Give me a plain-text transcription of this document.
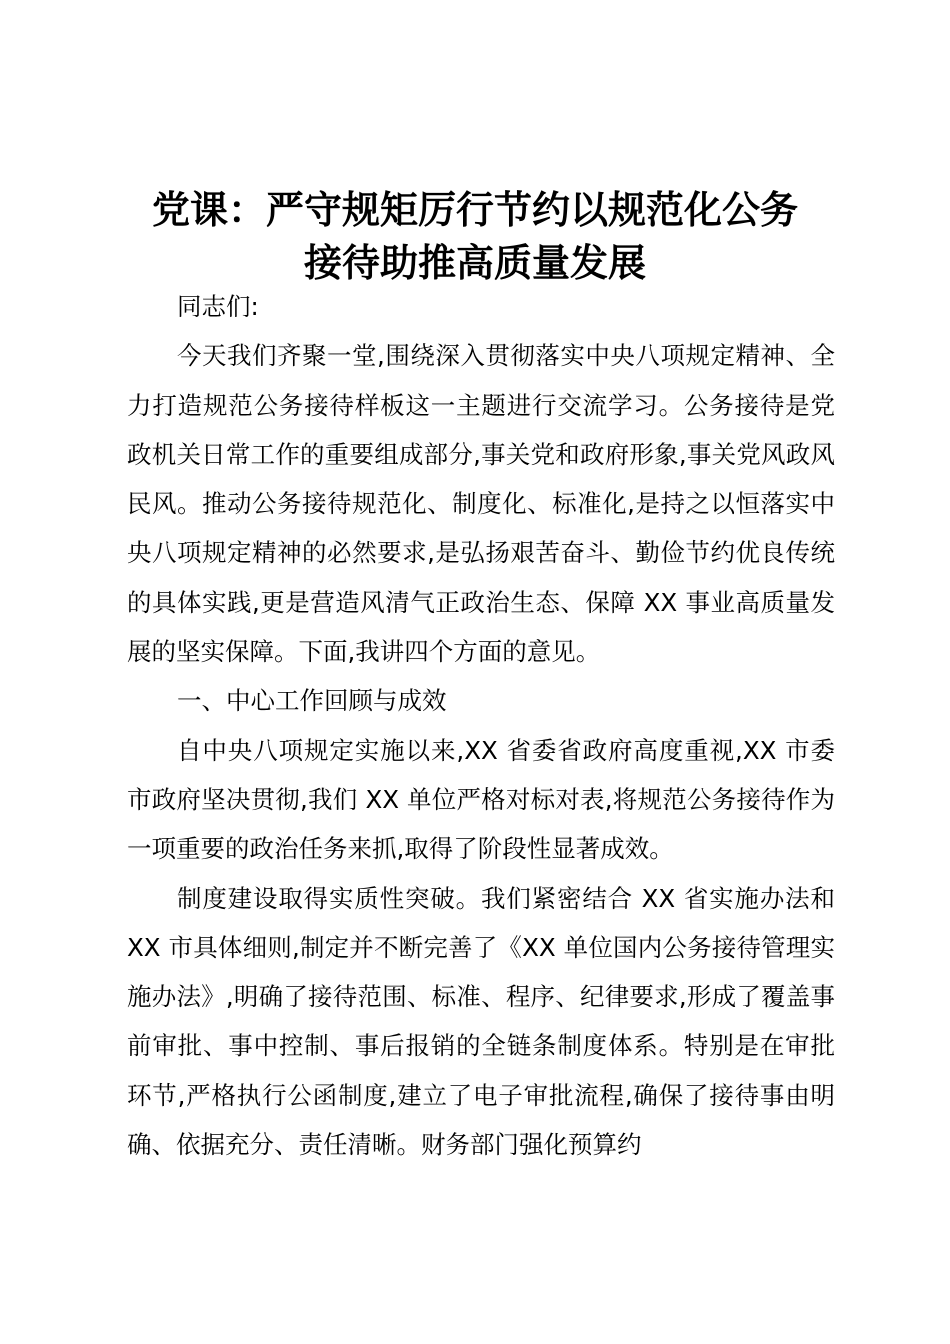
党课：严守规矩厉行节约以规范化公务
接待助推高质量发展

同志们:

今天我们齐聚一堂,围绕深入贯彻落实中央八项规定精神、全力打造规范公务接待样板这一主题进行交流学习。公务接待是党政机关日常工作的重要组成部分,事关党和政府形象,事关党风政风民风。推动公务接待规范化、制度化、标准化,是持之以恒落实中央八项规定精神的必然要求,是弘扬艰苦奋斗、勤俭节约优良传统的具体实践,更是营造风清气正政治生态、保障 XX 事业高质量发展的坚实保障。下面,我讲四个方面的意见。

一、中心工作回顾与成效

自中央八项规定实施以来,XX 省委省政府高度重视,XX 市委市政府坚决贯彻,我们 XX 单位严格对标对表,将规范公务接待作为一项重要的政治任务来抓,取得了阶段性显著成效。

制度建设取得实质性突破。我们紧密结合 XX 省实施办法和 XX 市具体细则,制定并不断完善了《XX 单位国内公务接待管理实施办法》,明确了接待范围、标准、程序、纪律要求,形成了覆盖事前审批、事中控制、事后报销的全链条制度体系。特别是在审批环节,严格执行公函制度,建立了电子审批流程,确保了接待事由明确、依据充分、责任清晰。财务部门强化预算约
